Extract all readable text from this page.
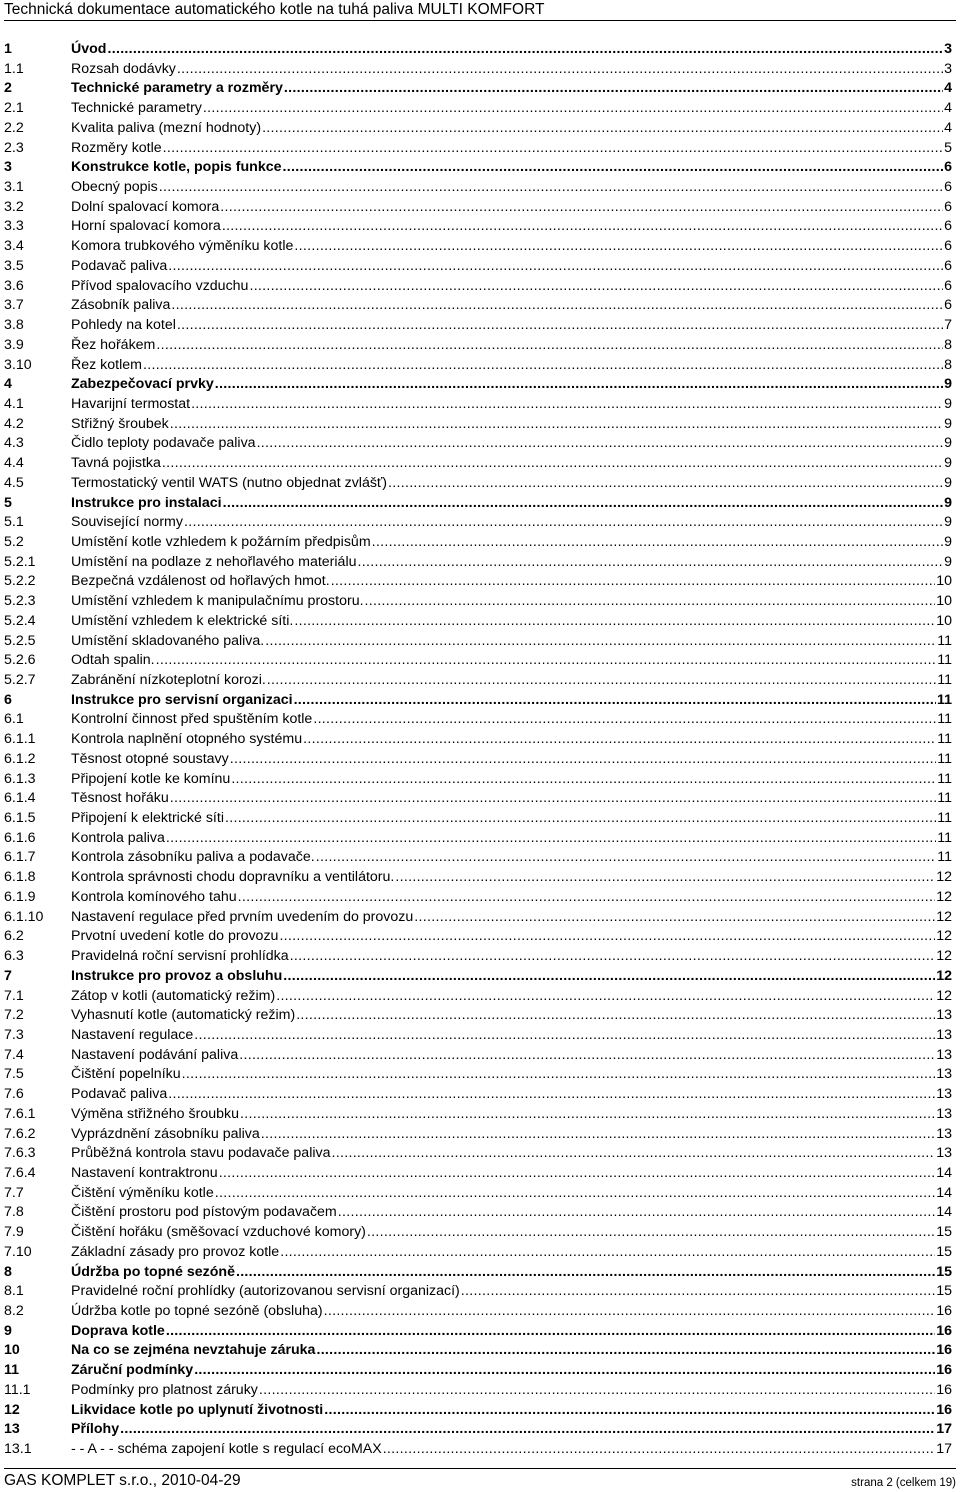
Technická dokumentace automatického kotle na tuhá paliva MULTI KOMFORT
1	Úvod .....	3
1.1	Rozsah dodávky .....	3
2	Technické parametry a rozměry .....	4
2.1	Technické parametry .....	4
2.2	Kvalita paliva (mezní hodnoty) .....	4
2.3	Rozměry kotle .....	5
3	Konstrukce kotle, popis funkce .....	6
3.1	Obecný popis .....	6
3.2	Dolní spalovací komora .....	6
3.3	Horní spalovací komora .....	6
3.4	Komora trubkového výměníku kotle .....	6
3.5	Podavač paliva .....	6
3.6	Přívod spalovacího vzduchu .....	6
3.7	Zásobník paliva .....	6
3.8	Pohledy na kotel .....	7
3.9	Řez hořákem .....	8
3.10	Řez kotlem .....	8
4	Zabezpečovací prvky .....	9
4.1	Havarijní termostat .....	9
4.2	Střižný šroubek .....	9
4.3	Čidlo teploty podavače paliva .....	9
4.4	Tavná pojistka .....	9
4.5	Termostatický ventil WATS (nutno objednat zvlášť) .....	9
5	Instrukce pro instalaci .....	9
5.1	Související normy .....	9
5.2	Umístění kotle vzhledem k požárním předpisům .....	9
5.2.1 Umístění na podlaze z nehořlavého materiálu .....	9
5.2.2 Bezpečná vzdálenost od hořlavých hmot. .....	10
5.2.3 Umístění vzhledem k manipulačnímu prostoru. .....	10
5.2.4 Umístění vzhledem k elektrické síti. .....	10
5.2.5 Umístění skladovaného paliva. .....	11
5.2.6 Odtah spalin. .....	11
5.2.7 Zabránění nízkoteplotní korozi. .....	11
6	Instrukce pro servisní organizaci .....	11
6.1	Kontrolní činnost před spuštěním kotle .....	11
6.1.1 Kontrola naplnění otopného systému .....	11
6.1.2 Těsnost otopné soustavy .....	11
6.1.3 Připojení kotle ke komínu .....	11
6.1.4 Těsnost hořáku .....	11
6.1.5 Připojení k elektrické síti .....	11
6.1.6 Kontrola paliva .....	11
6.1.7 Kontrola zásobníku paliva a podavače. .....	11
6.1.8 Kontrola správnosti chodu dopravníku a ventilátoru. .....	12
6.1.9 Kontrola komínového tahu .....	12
6.1.10 Nastavení regulace před prvním uvedením do provozu .....	12
6.2	Prvotní uvedení kotle do provozu .....	12
6.3	Pravidelná roční servisní prohlídka .....	12
7	Instrukce pro provoz a obsluhu .....	12
7.1	Zátop v kotli (automatický režim) .....	12
7.2	Vyhasnutí kotle (automatický režim) .....	13
7.3	Nastavení regulace .....	13
7.4	Nastavení podávání paliva .....	13
7.5	Čištění popelníku .....	13
7.6	Podavač paliva .....	13
7.6.1 Výměna střižného šroubku .....	13
7.6.2 Vyprázdnění zásobníku paliva .....	13
7.6.3 Průběžná kontrola stavu podavače paliva .....	13
7.6.4 Nastavení kontraktronu .....	14
7.7	Čištění výměníku kotle .....	14
7.8	Čištění prostoru pod pístovým podavačem .....	14
7.9	Čištění hořáku (směšovací vzduchové komory) .....	15
7.10	Základní zásady pro provoz kotle .....	15
8	Údržba po topné sezóně .....	15
8.1	Pravidelné roční prohlídky (autorizovanou servisní organizací) .....	15
8.2	Údržba kotle po topné sezóně (obsluha) .....	16
9	Doprava kotle .....	16
10	Na co se zejména nevztahuje záruka .....	16
11	Záruční podmínky .....	16
11.1	Podmínky pro platnost záruky .....	16
12	Likvidace kotle po uplynutí životnosti .....	16
13	Přílohy .....	17
13.1	- - A - - schéma zapojení kotle s regulací ecoMAX .....	17
GAS KOMPLET s.r.o., 2010-04-29	strana 2 (celkem 19)
